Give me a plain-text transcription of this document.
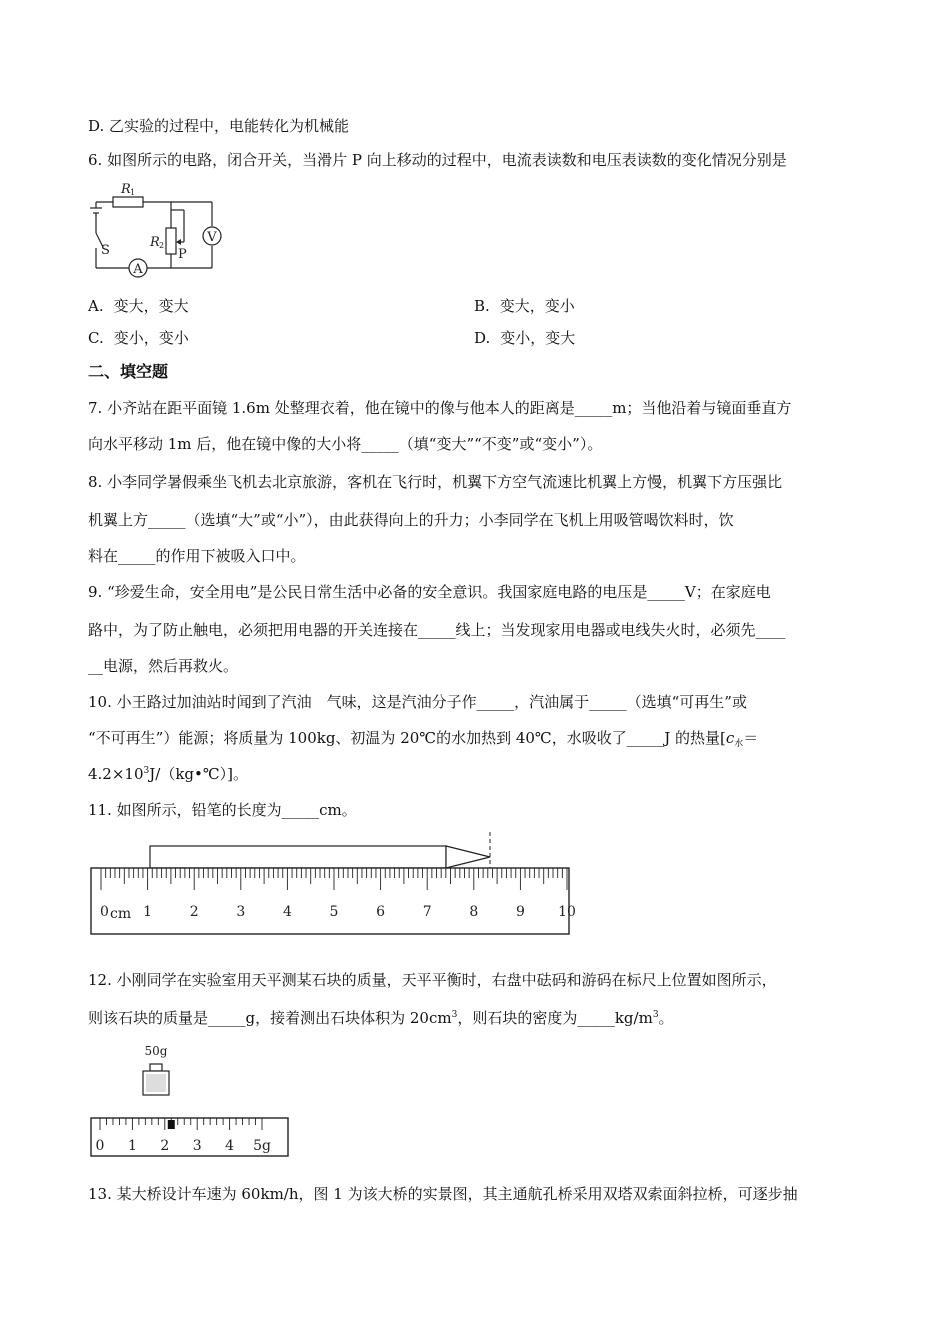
D. 乙实验的过程中，电能转化为机械能
6. 如图所示的电路，闭合开关，当滑片 P 向上移动的过程中，电流表读数和电压表读数的变化情况分别是
V
A
R 1
R 2
P
S
A. 变大，变大	B. 变大，变小
C. 变小，变小	D. 变小，变大
二、填空题
7. 小齐站在距平面镜 1.6m 处整理衣着，他在镜中的像与他本人的距离是_____m；当他沿着与镜面垂直方
向水平移动 1m 后，他在镜中像的大小将_____（填“变大”“不变”或“变小”）。
8. 小李同学暑假乘坐飞机去北京旅游，客机在飞行时，机翼下方空气流速比机翼上方慢，机翼下方压强比
机翼上方_____（选填“大”或“小”），由此获得向上的升力；小李同学在飞机上用吸管喝饮料时，饮
料在_____的作用下被吸入口中。
9. “珍爱生命，安全用电”是公民日常生活中必备的安全意识。我国家庭电路的电压是_____V；在家庭电
路中，为了防止触电，必须把用电器的开关连接在_____线上；当发现家用电器或电线失火时，必须先____
__电源，然后再救火。
10. 小王路过加油站时闻到了汽油　气味，这是汽油分子作_____，汽油属于_____（选填“可再生”或
“不可再生”）能源；将质量为 100kg、初温为 20℃的水加热到 40℃，水吸收了_____J 的热量[$c_水=$
$4.2\times 10^3J/(kg•℃)$]。
11. 如图所示，铅笔的长度为_____cm。
0 1	2	3	4	5	6	7	8	9 10
cm
12. 小刚同学在实验室用天平测某石块的质量，天平平衡时，右盘中砝码和游码在标尺上位置如图所示，
则该石块的质量是_____g，接着测出石块体积为 $20cm^3$，则石块的密度为$\_\_\_\_\_kg/m^3$。
50g
0 1 2 3 4 5g
13. 某大桥设计车速为 60km/h，图 1 为该大桥的实景图，其主通航孔桥采用双塔双索面斜拉桥，可逐步抽
